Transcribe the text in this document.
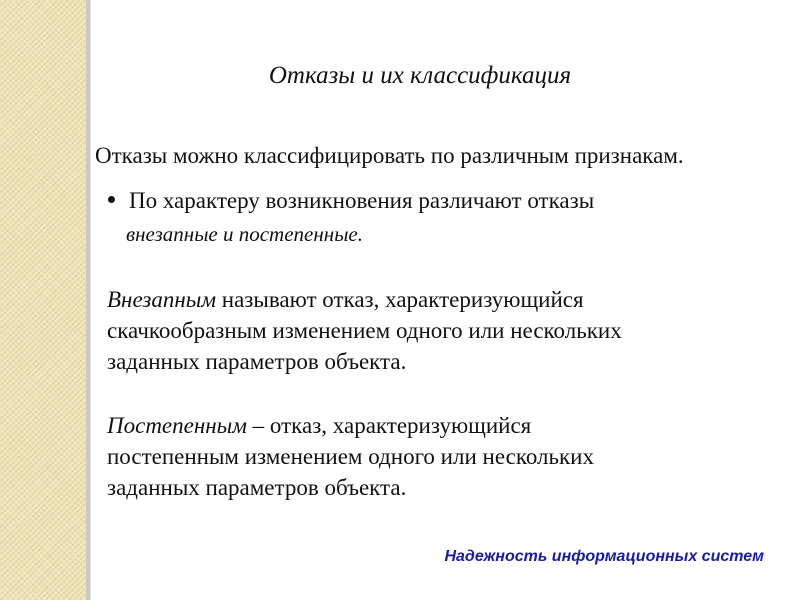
Отказы и их классификация
Отказы можно классифицировать по различным признакам.
По характеру возникновения различают отказы
внезапные и постепенные.
Внезапным называют отказ, характеризующийся
скачкообразным изменением одного или нескольких
заданных параметров объекта.
Постепенным – отказ, характеризующийся
постепенным изменением одного или нескольких
заданных параметров объекта.
Надежность информационных систем
